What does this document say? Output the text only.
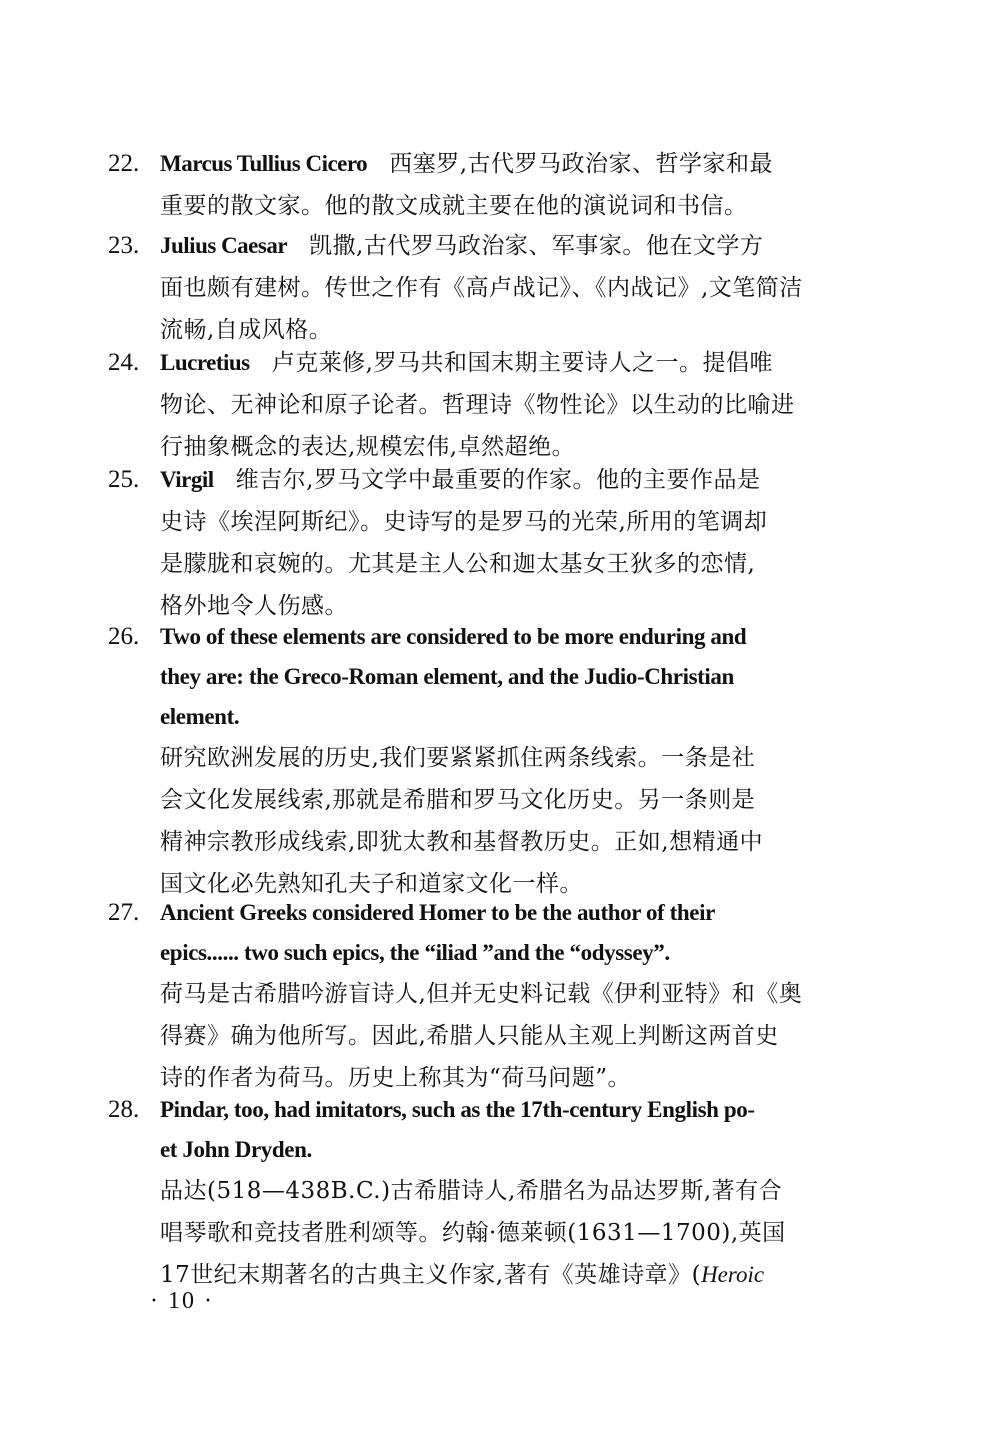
22. Marcus Tullius Cicero 西塞罗,古代罗马政治家、哲学家和最
重要的散文家。他的散文成就主要在他的演说词和书信。
23. Julius Caesar 凯撒,古代罗马政治家、军事家。他在文学方
面也颇有建树。传世之作有《高卢战记》、《内战记》,文笔简洁
流畅,自成风格。
24. Lucretius 卢克莱修,罗马共和国末期主要诗人之一。提倡唯
物论、无神论和原子论者。哲理诗《物性论》以生动的比喻进
行抽象概念的表达,规模宏伟,卓然超绝。
25. Virgil 维吉尔,罗马文学中最重要的作家。他的主要作品是
史诗《埃涅阿斯纪》。史诗写的是罗马的光荣,所用的笔调却
是朦胧和哀婉的。尤其是主人公和迦太基女王狄多的恋情,
格外地令人伤感。
26. Two of these elements are considered to be more enduring and
they are: the Greco-Roman element, and the Judio-Christian
element.
研究欧洲发展的历史,我们要紧紧抓住两条线索。一条是社
会文化发展线索,那就是希腊和罗马文化历史。另一条则是
精神宗教形成线索,即犹太教和基督教历史。正如,想精通中
国文化必先熟知孔夫子和道家文化一样。
27. Ancient Greeks considered Homer to be the author of their
epics...... two such epics, the “iliad ”and the “odyssey”.
荷马是古希腊吟游盲诗人,但并无史料记载《伊利亚特》和《奥
得赛》确为他所写。因此,希腊人只能从主观上判断这两首史
诗的作者为荷马。历史上称其为“荷马问题”。
28. Pindar, too, had imitators, such as the 17th-century English po-
et John Dryden.
品达(518—438B.C.)古希腊诗人,希腊名为品达罗斯,著有合
唱琴歌和竞技者胜利颂等。约翰·德莱顿(1631—1700),英国
17世纪末期著名的古典主义作家,著有《英雄诗章》(Heroic
· 10 ·
